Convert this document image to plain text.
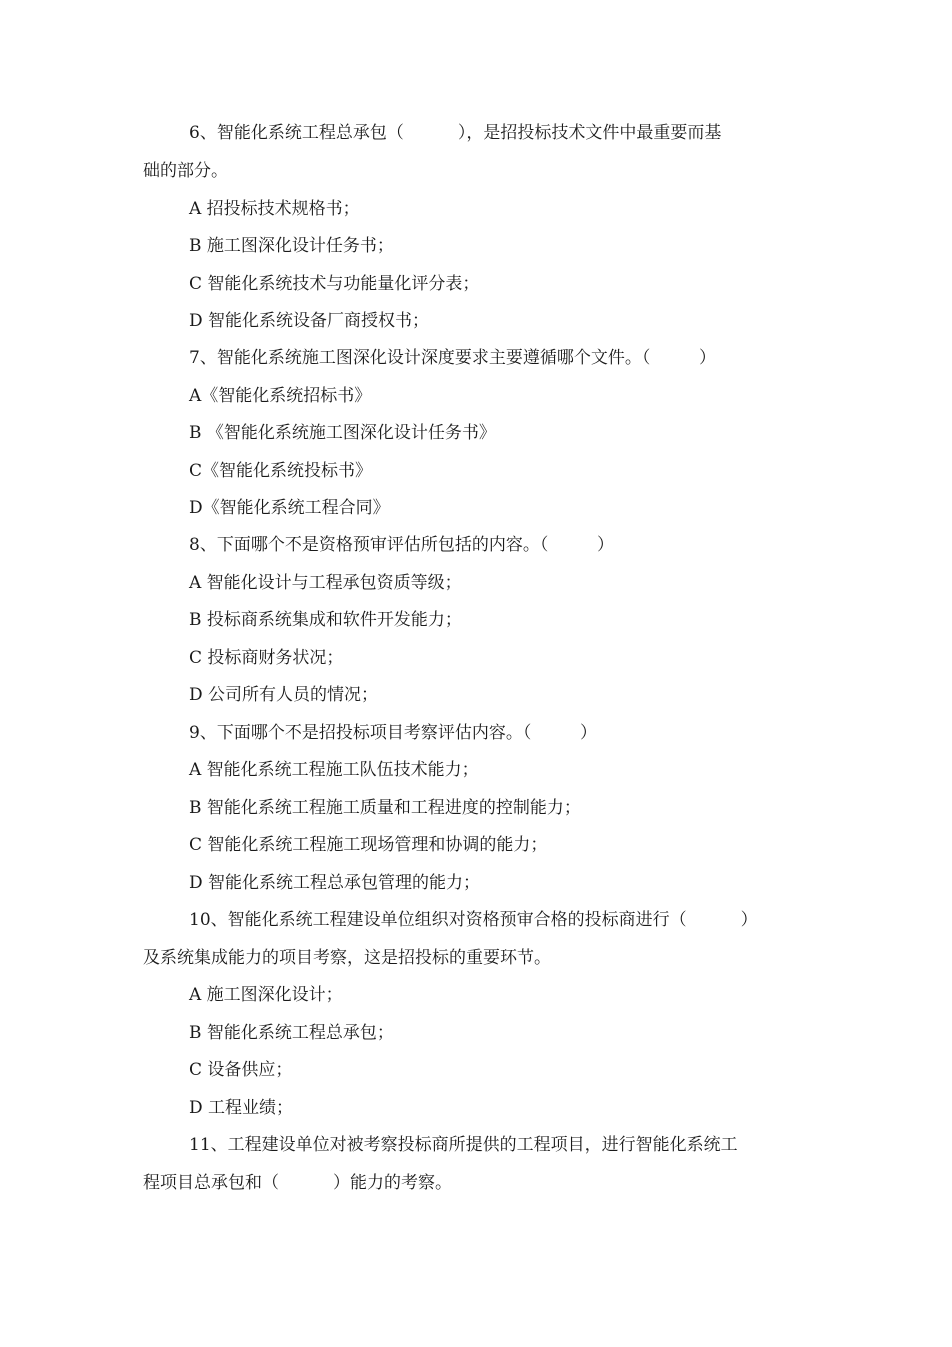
6、智能化系统工程总承包（          ），是招投标技术文件中最重要而基
础的部分。
A 招投标技术规格书；
B 施工图深化设计任务书；
C 智能化系统技术与功能量化评分表；
D 智能化系统设备厂商授权书；
7、智能化系统施工图深化设计深度要求主要遵循哪个文件。（         ）
A《智能化系统招标书》
B 《智能化系统施工图深化设计任务书》
C《智能化系统投标书》
D《智能化系统工程合同》
8、下面哪个不是资格预审评估所包括的内容。（         ）
A 智能化设计与工程承包资质等级；
B 投标商系统集成和软件开发能力；
C 投标商财务状况；
D 公司所有人员的情况；
9、下面哪个不是招投标项目考察评估内容。（         ）
A 智能化系统工程施工队伍技术能力；
B 智能化系统工程施工质量和工程进度的控制能力；
C 智能化系统工程施工现场管理和协调的能力；
D 智能化系统工程总承包管理的能力；
10、智能化系统工程建设单位组织对资格预审合格的投标商进行（          ）
及系统集成能力的项目考察，这是招投标的重要环节。
A 施工图深化设计；
B 智能化系统工程总承包；
C 设备供应；
D 工程业绩；
11、工程建设单位对被考察投标商所提供的工程项目，进行智能化系统工
程项目总承包和（          ）能力的考察。
